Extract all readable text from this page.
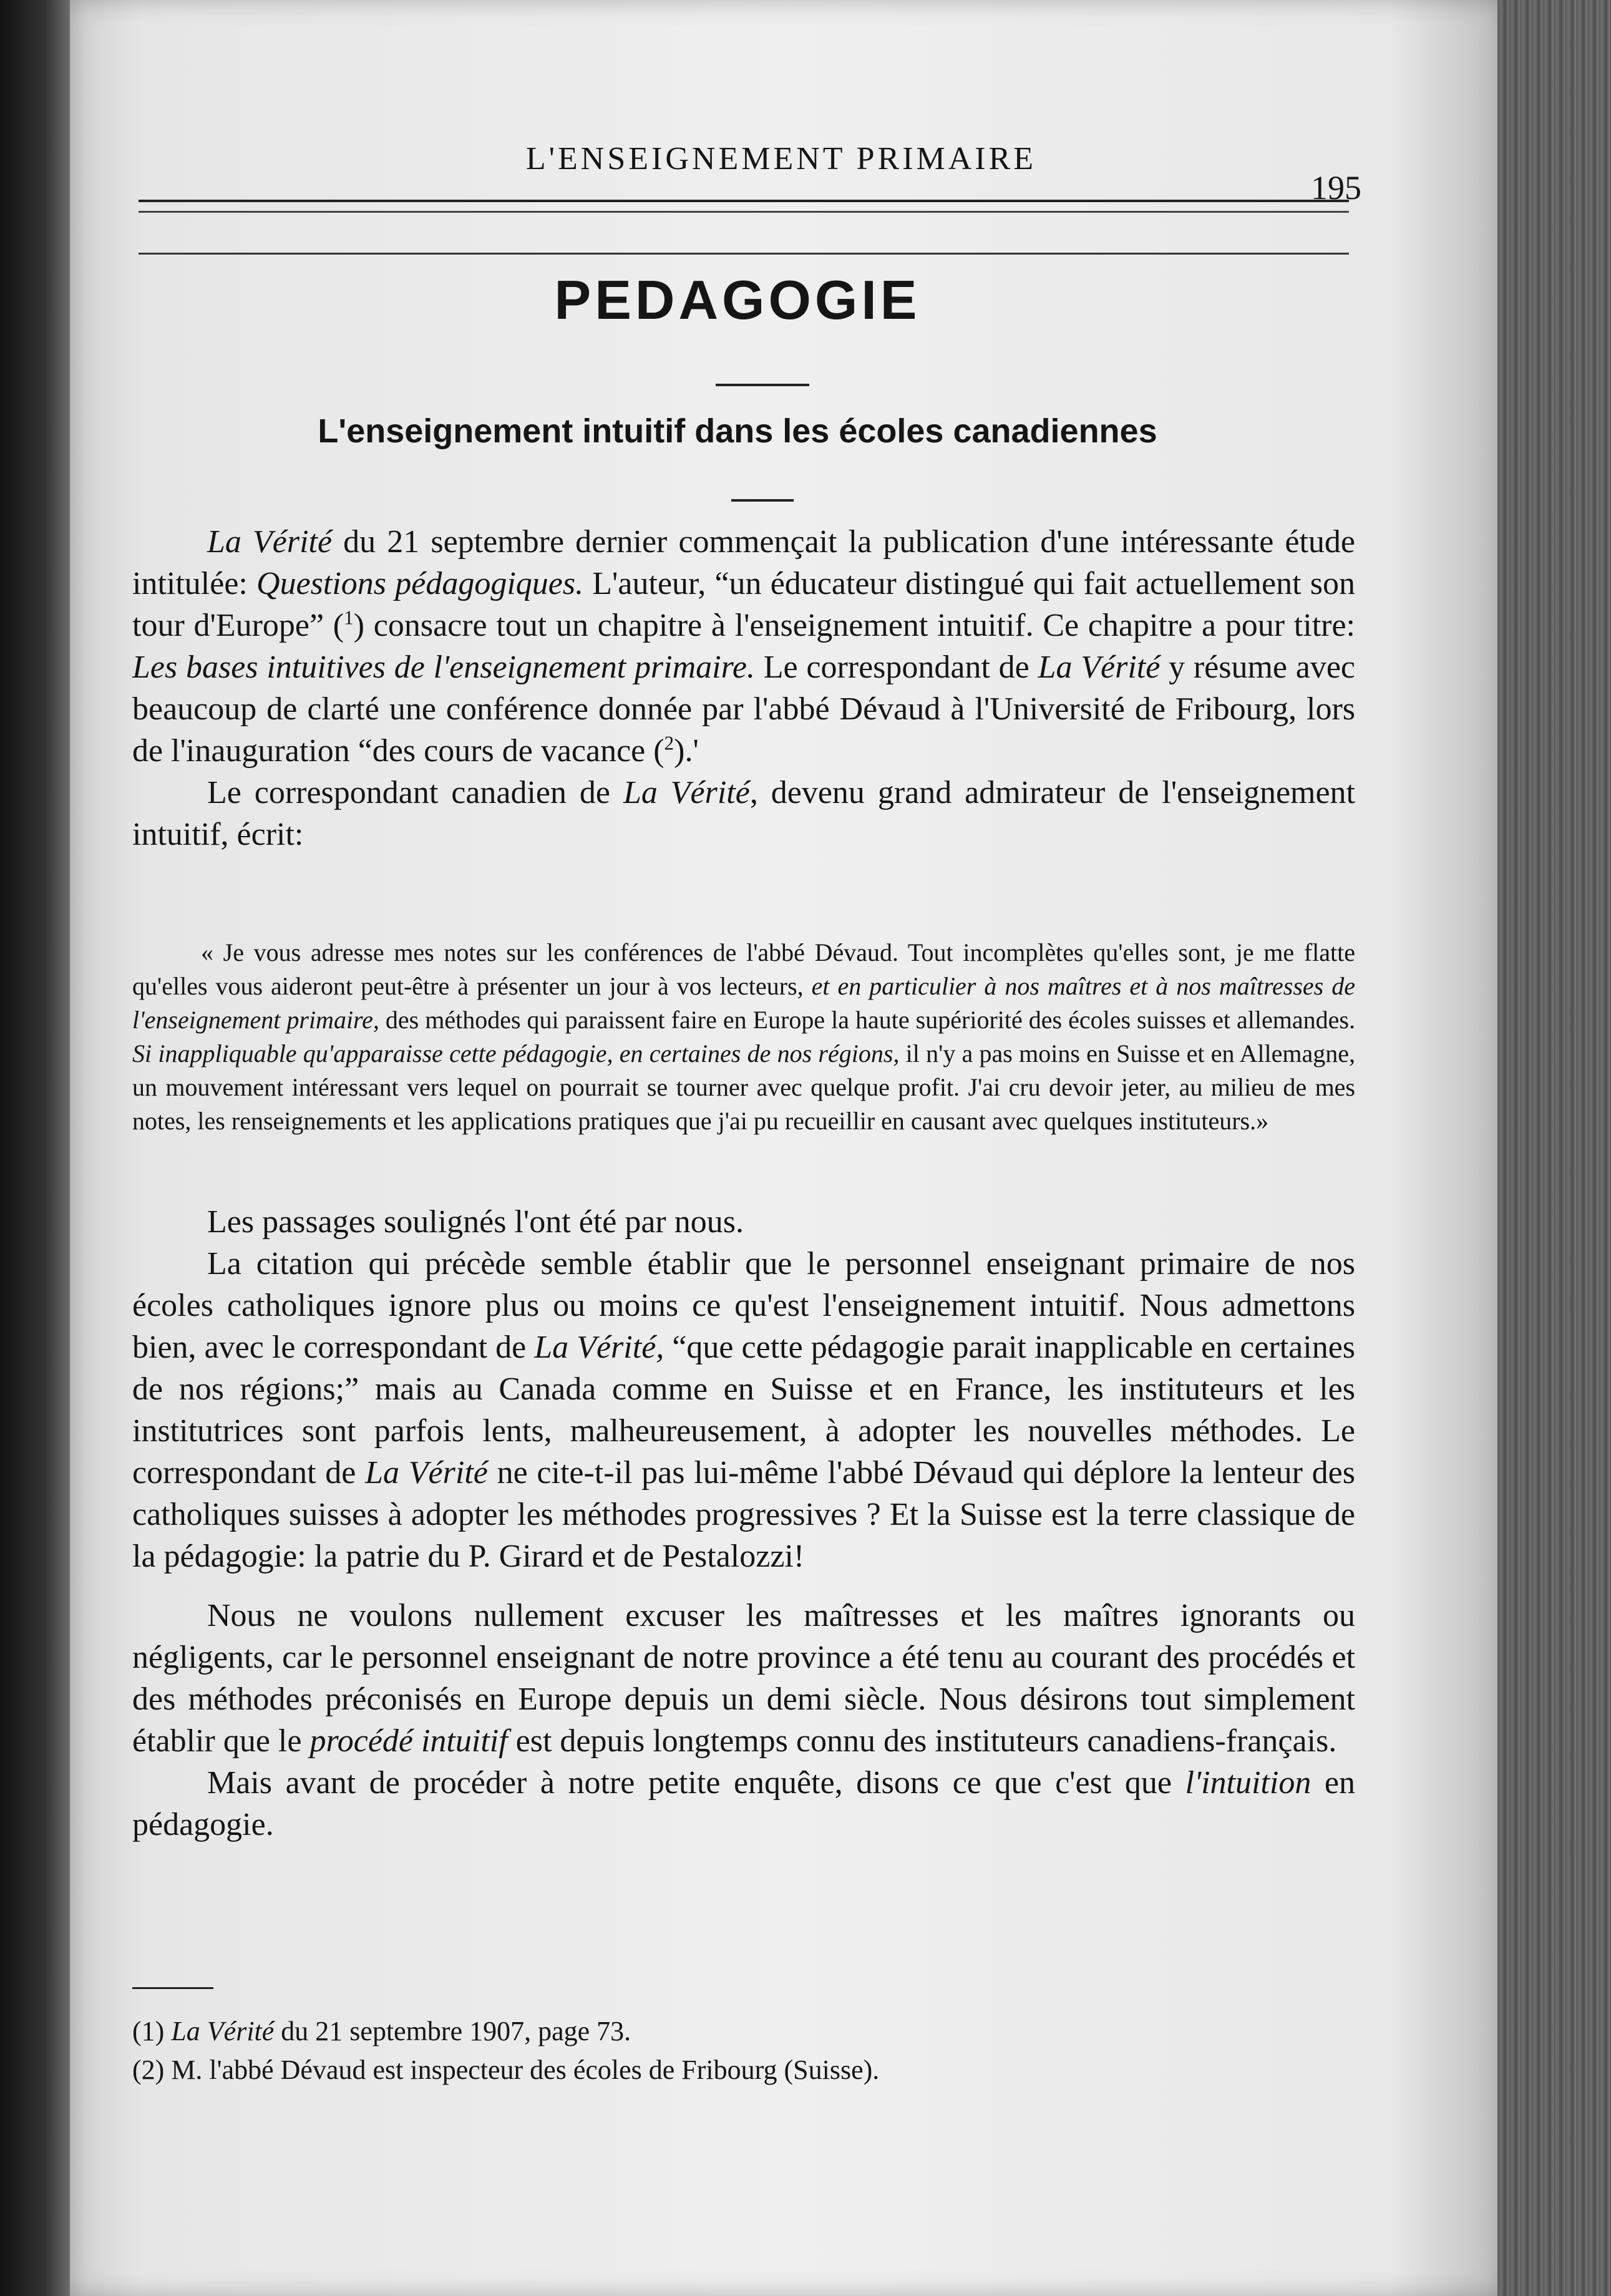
L'ENSEIGNEMENT PRIMAIRE
195
PEDAGOGIE
L'enseignement intuitif dans les écoles canadiennes

La Vérité du 21 septembre dernier commençait la publication d'une intéressante étude intitulée: Questions pédagogiques. L'auteur, “un éducateur distingué qui fait actuellement son tour d'Europe” ($^1$) consacre tout un chapitre à l'enseignement intuitif. Ce chapitre a pour titre: Les bases intuitives de l'enseignement primaire. Le correspondant de La Vérité y résume avec beaucoup de clarté une conférence donnée par l'abbé Dévaud à l'Université de Fribourg, lors de l'inauguration “des cours de vacance ($^2$).'

Le correspondant canadien de La Vérité, devenu grand admirateur de l'enseignement intuitif, écrit:

« Je vous adresse mes notes sur les conférences de l'abbé Dévaud. Tout incomplètes qu'elles sont, je me flatte qu'elles vous aideront peut-être à présenter un jour à vos lecteurs, et en particulier à nos maîtres et à nos maîtresses de l'enseignement primaire, des méthodes qui paraissent faire en Europe la haute supériorité des écoles suisses et allemandes. Si inappliquable qu'apparaisse cette pédagogie, en certaines de nos régions, il n'y a pas moins en Suisse et en Allemagne, un mouvement intéressant vers lequel on pourrait se tourner avec quelque profit. J'ai cru devoir jeter, au milieu de mes notes, les renseignements et les applications pratiques que j'ai pu recueillir en causant avec quelques instituteurs.»

Les passages soulignés l'ont été par nous.

La citation qui précède semble établir que le personnel enseignant primaire de nos écoles catholiques ignore plus ou moins ce qu'est l'enseignement intuitif. Nous admettons bien, avec le correspondant de La Vérité, “que cette pédagogie parait inapplicable en certaines de nos régions;” mais au Canada comme en Suisse et en France, les instituteurs et les institutrices sont parfois lents, malheureusement, à adopter les nouvelles méthodes. Le correspondant de La Vérité ne cite-t-il pas lui-même l'abbé Dévaud qui déplore la lenteur des catholiques suisses à adopter les méthodes progressives ? Et la Suisse est la terre classique de la pédagogie: la patrie du P. Girard et de Pestalozzi!

Nous ne voulons nullement excuser les maîtresses et les maîtres ignorants ou négligents, car le personnel enseignant de notre province a été tenu au courant des procédés et des méthodes préconisés en Europe depuis un demi siècle. Nous désirons tout simplement établir que le procédé intuitif est depuis longtemps connu des instituteurs canadiens-français.

Mais avant de procéder à notre petite enquête, disons ce que c'est que l'intuition en pédagogie.

(1) La Vérité du 21 septembre 1907, page 73.
(2) M. l'abbé Dévaud est inspecteur des écoles de Fribourg (Suisse).
